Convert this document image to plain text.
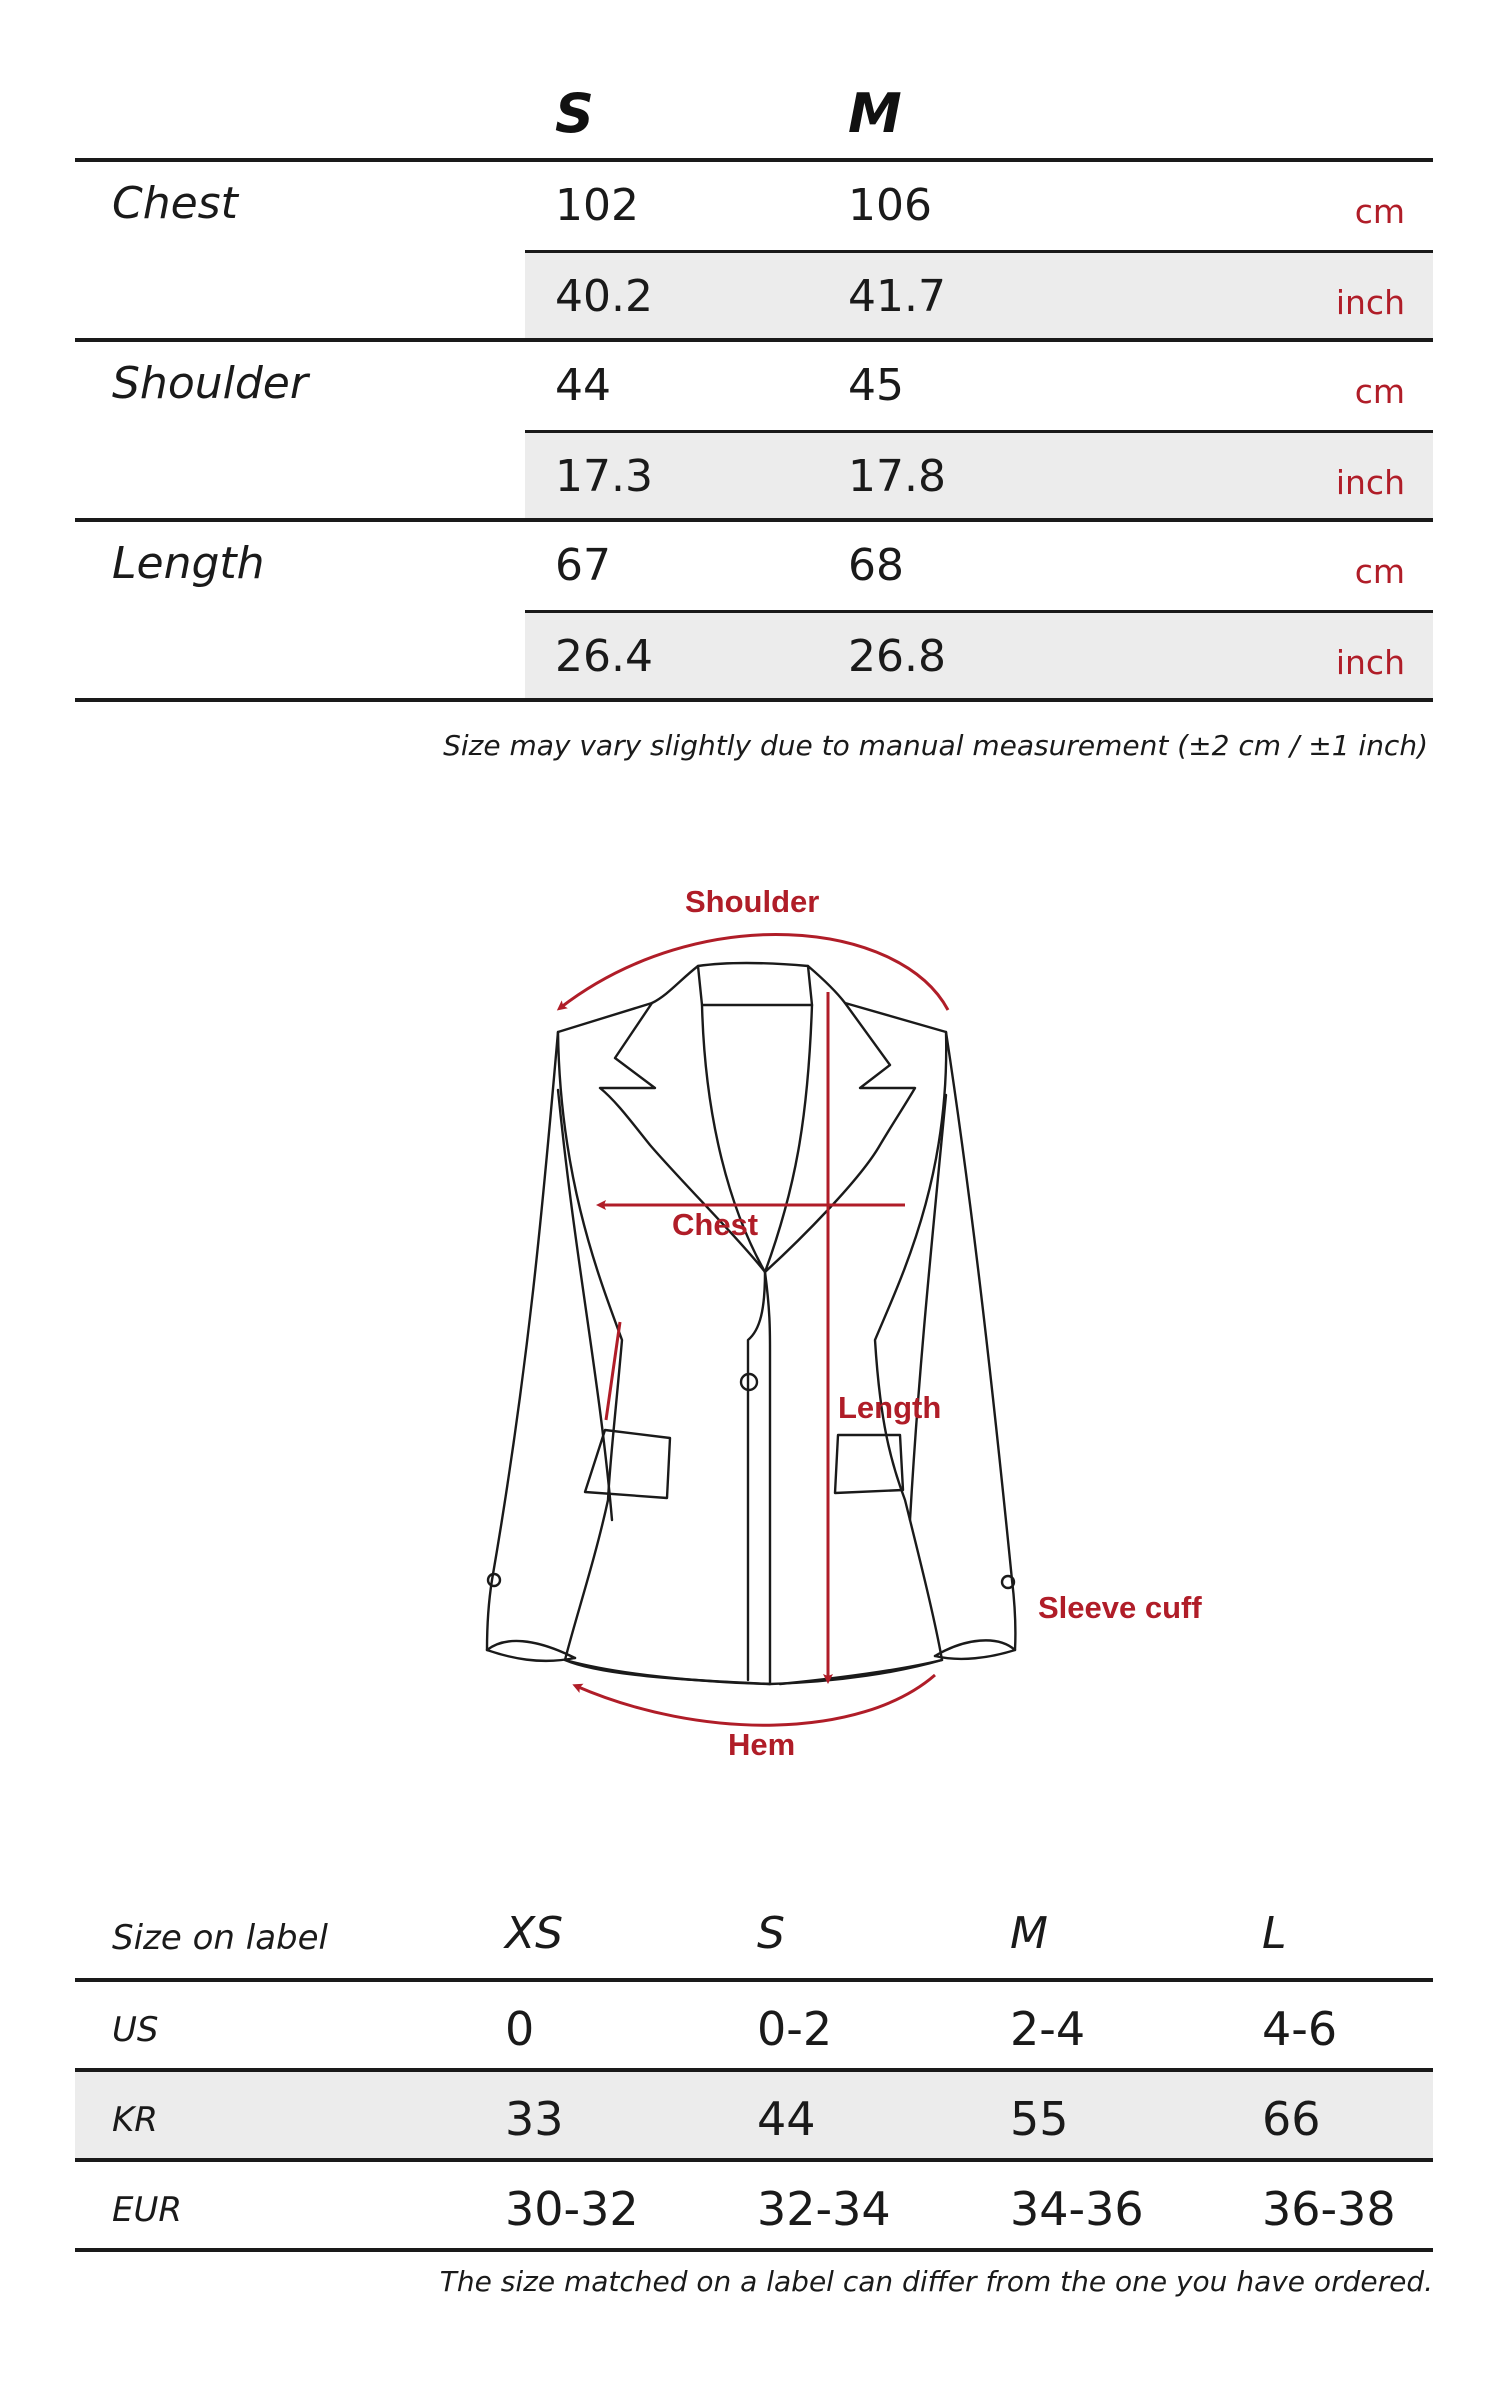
S	M
Chest	102	106	cm
40.2	41.7	inch
Shoulder	44	45	cm
17.3	17.8	inch
Length	67	68	cm
26.4	26.8	inch
Size may vary slightly due to manual measurement (±2 cm / ±1 inch)
Shoulder
Chest
Length
Sleeve cuff
Hem
Size on label	XS	S	M	L
US	0	0-2	2-4	4-6
KR	33	44	55	66
EUR	30-32	32-34	34-36	36-38
The size matched on a label can differ from the one you have ordered.
